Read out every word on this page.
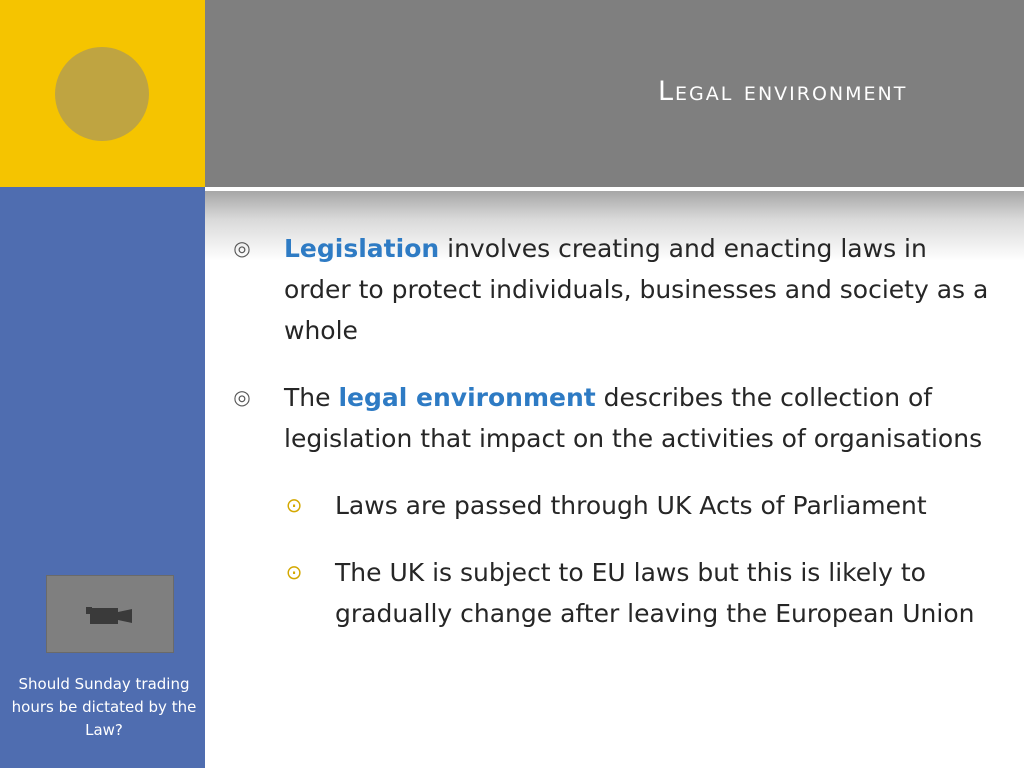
Legal environment
◎ Legislation involves creating and enacting laws in order to protect individuals, businesses and society as a whole
◎ The legal environment describes the collection of legislation that impact on the activities of organisations
⊙ Laws are passed through UK Acts of Parliament
⊙ The UK is subject to EU laws but this is likely to gradually change after leaving the European Union
Should Sunday trading hours be dictated by the Law?
